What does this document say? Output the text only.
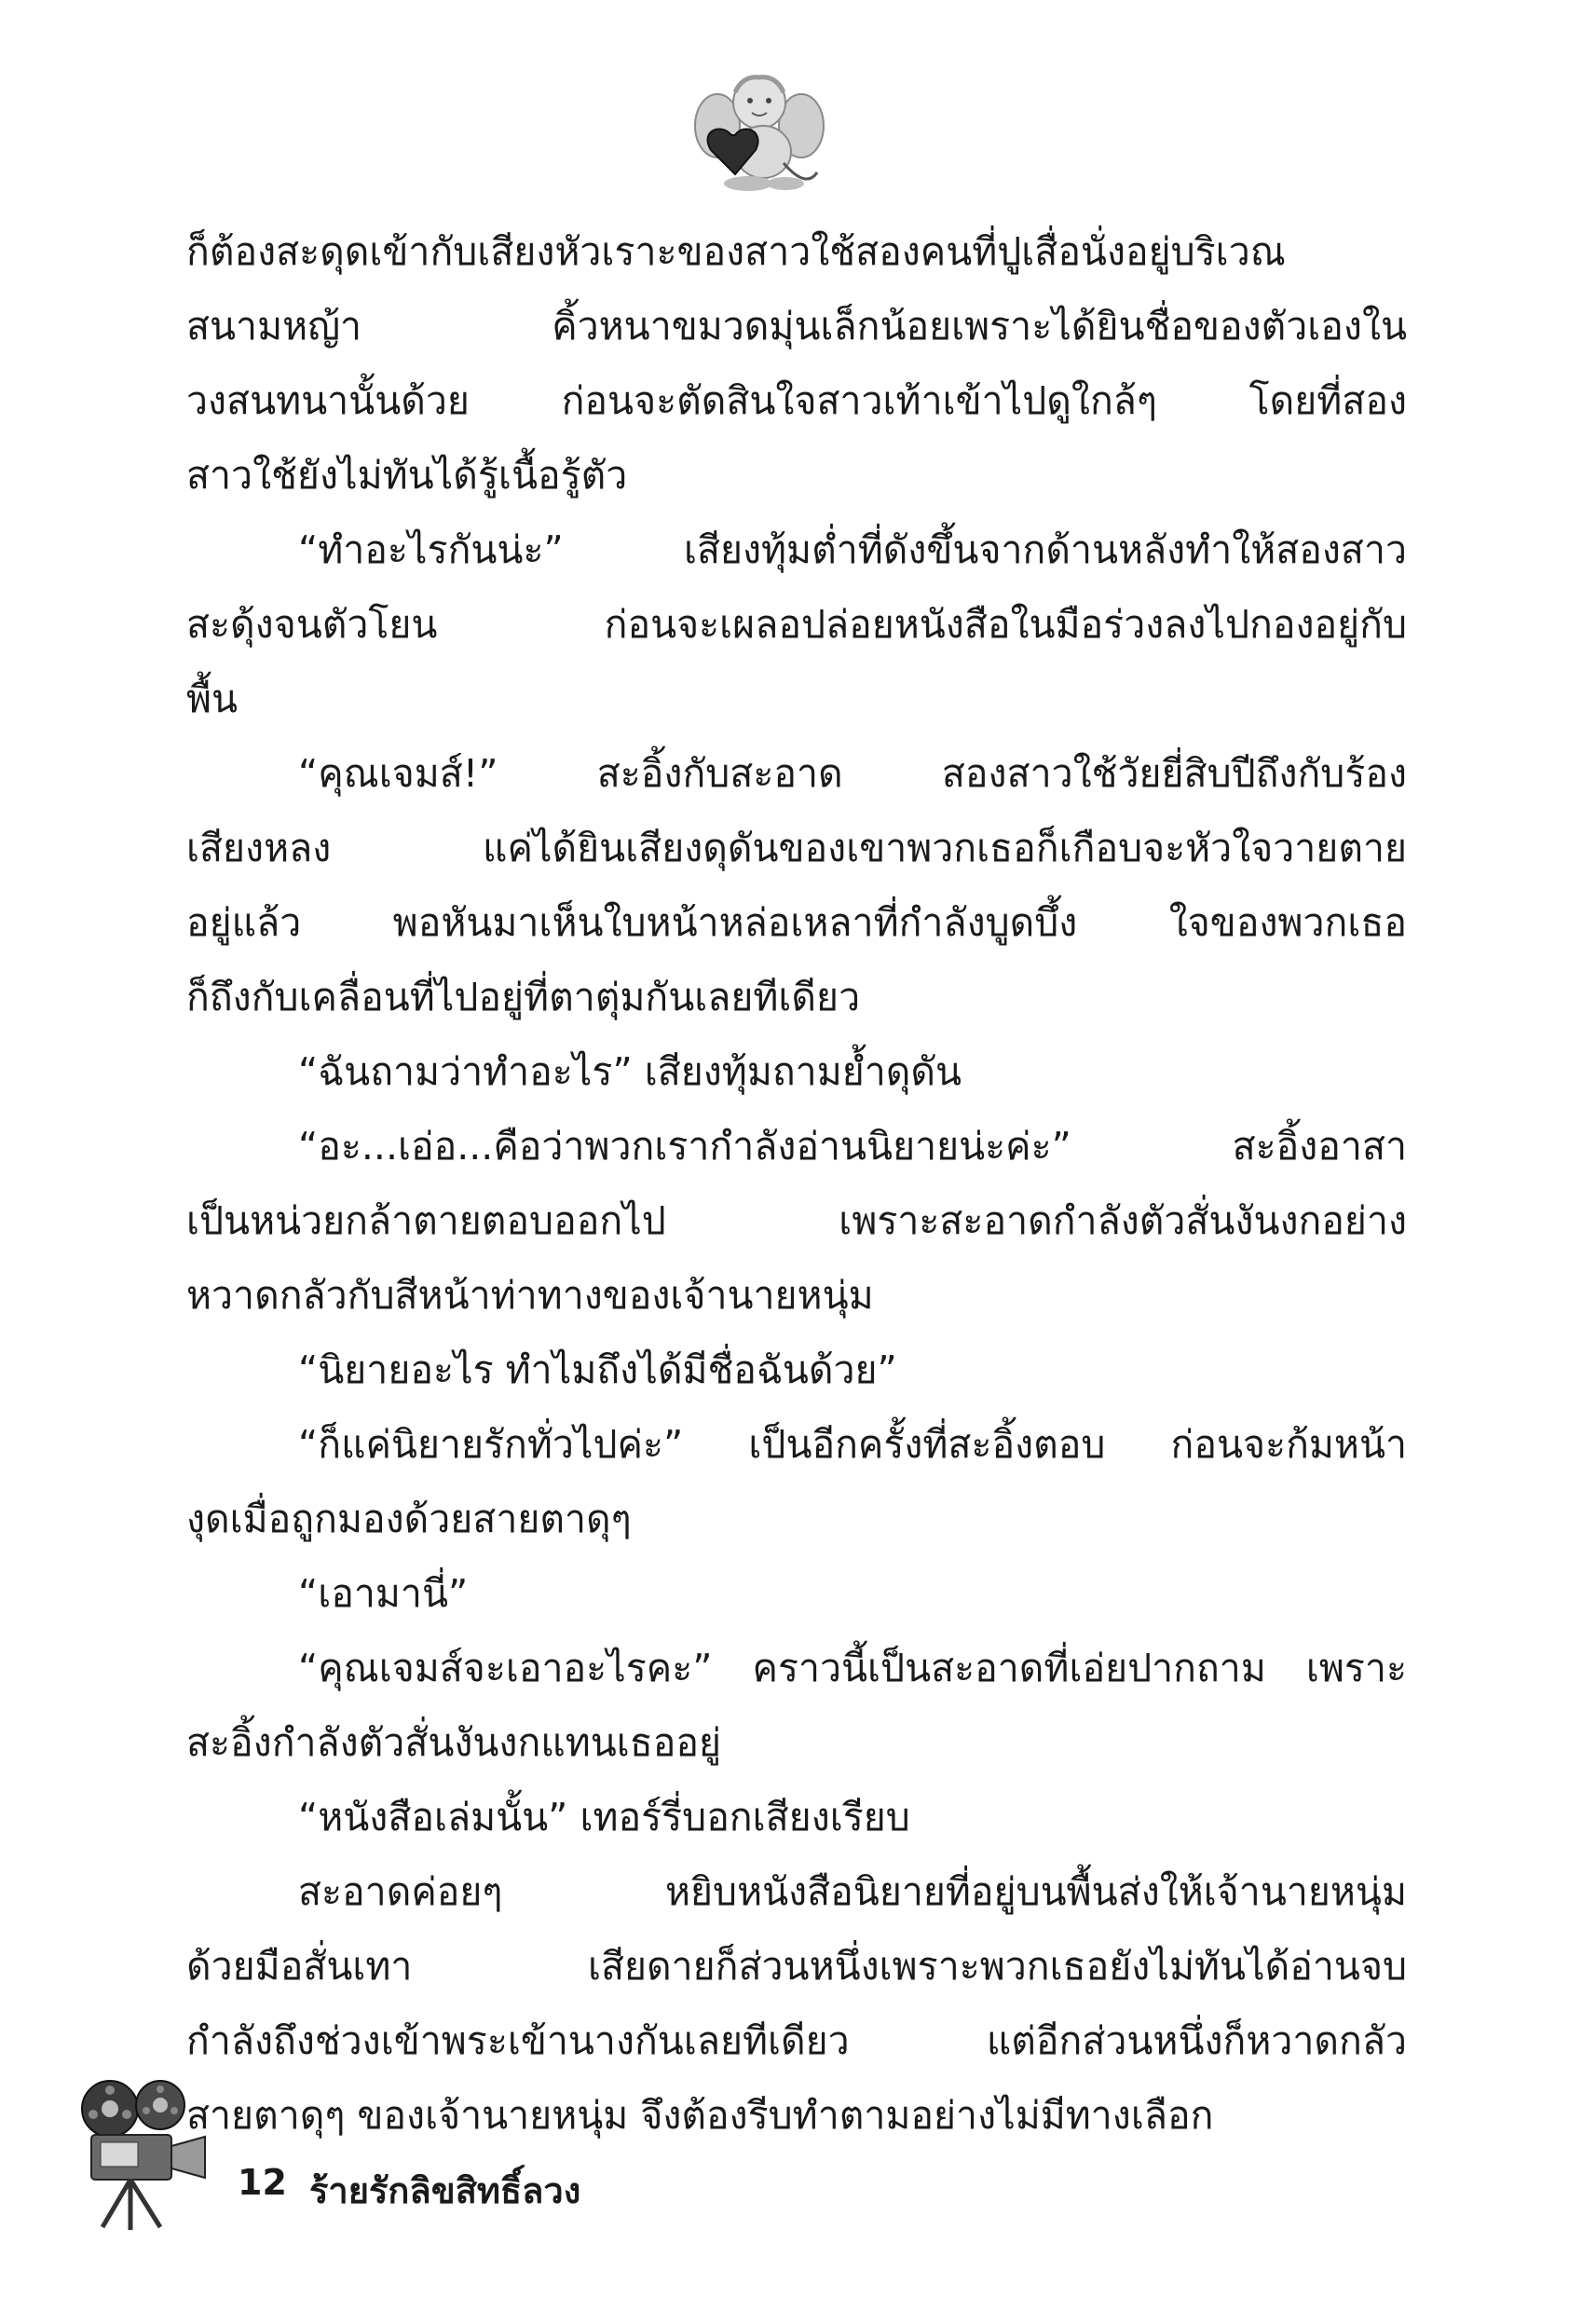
ก็ต้องสะดุดเข้ากับเสียงหัวเราะของสาวใช้สองคนที่ปูเสื่อนั่งอยู่บริเวณ
สนามหญ้า คิ้วหนาขมวดมุ่นเล็กน้อยเพราะได้ยินชื่อของตัวเองใน
วงสนทนานั้นด้วย ก่อนจะตัดสินใจสาวเท้าเข้าไปดูใกล้ๆ โดยที่สอง
สาวใช้ยังไม่ทันได้รู้เนื้อรู้ตัว
“ทำอะไรกันน่ะ” เสียงทุ้มต่ำที่ดังขึ้นจากด้านหลังทำให้สองสาว
สะดุ้งจนตัวโยน ก่อนจะเผลอปล่อยหนังสือในมือร่วงลงไปกองอยู่กับ
พื้น
“คุณเจมส์!” สะอิ้งกับสะอาด สองสาวใช้วัยยี่สิบปีถึงกับร้อง
เสียงหลง แค่ได้ยินเสียงดุดันของเขาพวกเธอก็เกือบจะหัวใจวายตาย
อยู่แล้ว พอหันมาเห็นใบหน้าหล่อเหลาที่กำลังบูดบึ้ง ใจของพวกเธอ
ก็ถึงกับเคลื่อนที่ไปอยู่ที่ตาตุ่มกันเลยทีเดียว
“ฉันถามว่าทำอะไร” เสียงทุ้มถามย้ำดุดัน
“อะ...เอ่อ...คือว่าพวกเรากำลังอ่านนิยายน่ะค่ะ” สะอิ้งอาสา
เป็นหน่วยกล้าตายตอบออกไป เพราะสะอาดกำลังตัวสั่นงันงกอย่าง
หวาดกลัวกับสีหน้าท่าทางของเจ้านายหนุ่ม
“นิยายอะไร ทำไมถึงได้มีชื่อฉันด้วย”
“ก็แค่นิยายรักทั่วไปค่ะ” เป็นอีกครั้งที่สะอิ้งตอบ ก่อนจะก้มหน้า
งุดเมื่อถูกมองด้วยสายตาดุๆ
“เอามานี่”
“คุณเจมส์จะเอาอะไรคะ” คราวนี้เป็นสะอาดที่เอ่ยปากถาม เพราะ
สะอิ้งกำลังตัวสั่นงันงกแทนเธออยู่
“หนังสือเล่มนั้น” เทอร์รี่บอกเสียงเรียบ
สะอาดค่อยๆ หยิบหนังสือนิยายที่อยู่บนพื้นส่งให้เจ้านายหนุ่ม
ด้วยมือสั่นเทา เสียดายก็ส่วนหนึ่งเพราะพวกเธอยังไม่ทันได้อ่านจบ
กำลังถึงช่วงเข้าพระเข้านางกันเลยทีเดียว แต่อีกส่วนหนึ่งก็หวาดกลัว
สายตาดุๆ ของเจ้านายหนุ่ม จึงต้องรีบทำตามอย่างไม่มีทางเลือก
12 ร้ายรักลิขสิทธิ์ลวง
